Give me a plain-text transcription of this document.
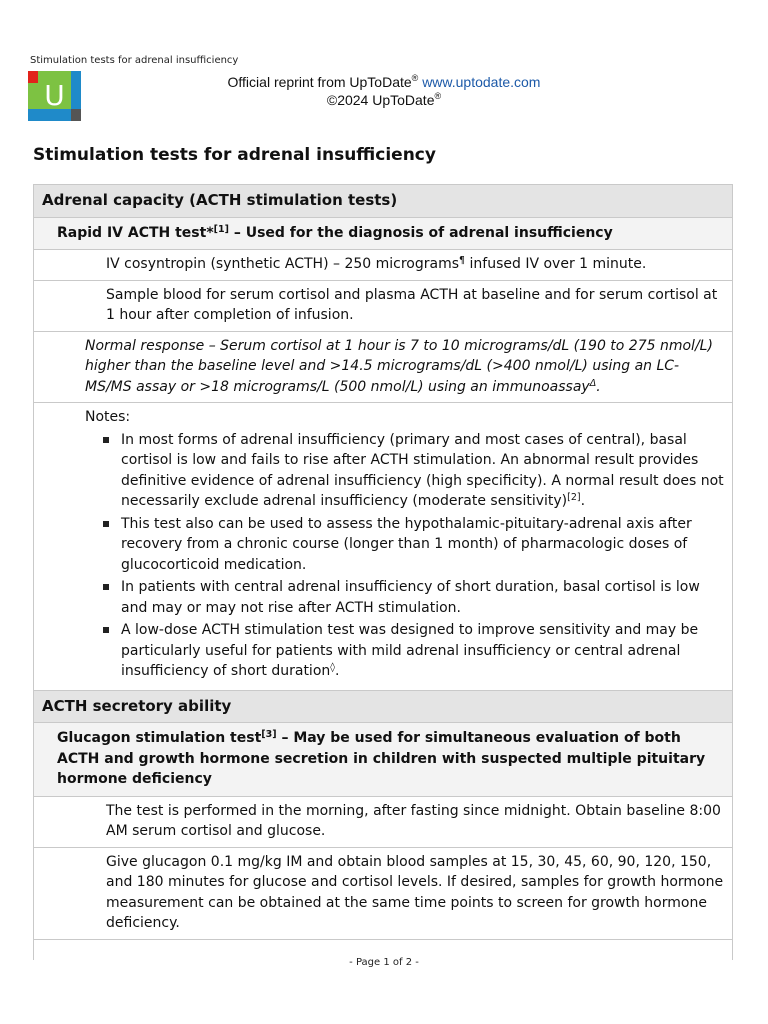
Stimulation tests for adrenal insufficiency
U	Official reprint from UpToDate® www.uptodate.com
©2024 UpToDate®
Stimulation tests for adrenal insufficiency
Adrenal capacity (ACTH stimulation tests)
Rapid IV ACTH test*[1] – Used for the diagnosis of adrenal insufficiency
IV cosyntropin (synthetic ACTH) – 250 micrograms¶ infused IV over 1 minute.
Sample blood for serum cortisol and plasma ACTH at baseline and for serum cortisol at 1 hour after completion of infusion.
Normal response – Serum cortisol at 1 hour is 7 to 10 micrograms/dL (190 to 275 nmol/L) higher than the baseline level and >14.5 micrograms/dL (>400 nmol/L) using an LC-MS/MS assay or >18 micrograms/L (500 nmol/L) using an immunoassay$^\Delta$.
Notes:
In most forms of adrenal insufficiency (primary and most cases of central), basal cortisol is low and fails to rise after ACTH stimulation. An abnormal result provides definitive evidence of adrenal insufficiency (high specificity). A normal result does not necessarily exclude adrenal insufficiency (moderate sensitivity)[2].
This test also can be used to assess the hypothalamic-pituitary-adrenal axis after recovery from a chronic course (longer than 1 month) of pharmacologic doses of glucocorticoid medication.
In patients with central adrenal insufficiency of short duration, basal cortisol is low and may or may not rise after ACTH stimulation.
A low-dose ACTH stimulation test was designed to improve sensitivity and may be particularly useful for patients with mild adrenal insufficiency or central adrenal insufficiency of short duration◊.
ACTH secretory ability
Glucagon stimulation test[3] – May be used for simultaneous evaluation of both ACTH and growth hormone secretion in children with suspected multiple pituitary hormone deficiency
The test is performed in the morning, after fasting since midnight. Obtain baseline 8:00 AM serum cortisol and glucose.
Give glucagon 0.1 mg/kg IM and obtain blood samples at 15, 30, 45, 60, 90, 120, 150, and 180 minutes for glucose and cortisol levels. If desired, samples for growth hormone measurement can be obtained at the same time points to screen for growth hormone deficiency.
- Page 1 of 2 -
